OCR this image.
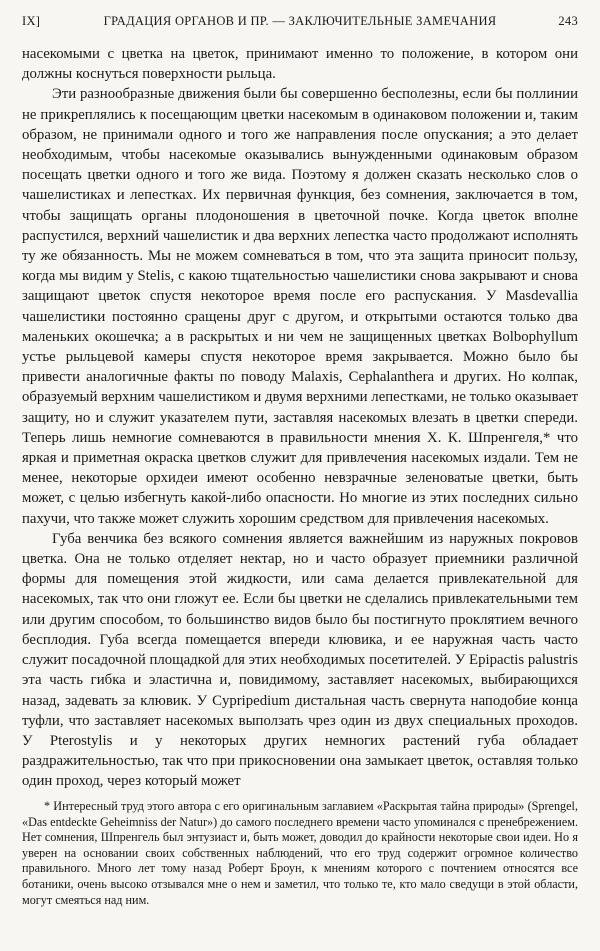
IX]	ГРАДАЦИЯ ОРГАНОВ И ПР. — ЗАКЛЮЧИТЕЛЬНЫЕ ЗАМЕЧАНИЯ	243

насекомыми с цветка на цветок, принимают именно то положение, в котором они должны коснуться поверхности рыльца.

Эти разнообразные движения были бы совершенно бесполезны, если бы поллинии не прикреплялись к посещающим цветки насекомым в одинаковом положении и, таким образом, не принимали одного и того же направления после опускания; а это делает необходимым, чтобы насекомые оказывались вынужденными одинаковым образом посещать цветки одного и того же вида. Поэтому я должен сказать несколько слов о чашелистиках и лепестках. Их первичная функция, без сомнения, заключается в том, чтобы защищать органы плодоношения в цветочной почке. Когда цветок вполне распустился, верхний чашелистик и два верхних лепестка часто продолжают исполнять ту же обязанность. Мы не можем сомневаться в том, что эта защита приносит пользу, когда мы видим у Stelis, с какою тщательностью чашелистики снова закрывают и снова защищают цветок спустя некоторое время после его распускания. У Masdevallia чашелистики постоянно сращены друг с другом, и открытыми остаются только два маленьких окошечка; а в раскрытых и ни чем не защищенных цветках Bolbophyllum устье рыльцевой камеры спустя некоторое время закрывается. Можно было бы привести аналогичные факты по поводу Malaxis, Cephalanthera и других. Но колпак, образуемый верхним чашелистиком и двумя верхними лепестками, не только оказывает защиту, но и служит указателем пути, заставляя насекомых влезать в цветки спереди. Теперь лишь немногие сомневаются в правильности мнения Х. К. Шпренгеля,* что яркая и приметная окраска цветков служит для привлечения насекомых издали. Тем не менее, некоторые орхидеи имеют особенно невзрачные зеленоватые цветки, быть может, с целью избегнуть какой-либо опасности. Но многие из этих последних сильно пахучи, что также может служить хорошим средством для привлечения насекомых.

Губа венчика без всякого сомнения является важнейшим из наружных покровов цветка. Она не только отделяет нектар, но и часто образует приемники различной формы для помещения этой жидкости, или сама делается привлекательной для насекомых, так что они гложут ее. Если бы цветки не сделались привлекательными тем или другим способом, то большинство видов было бы постигнуто проклятием вечного бесплодия. Губа всегда помещается впереди клювика, и ее наружная часть часто служит посадочной площадкой для этих необходимых посетителей. У Epipactis palustris эта часть гибка и эластична и, повидимому, заставляет насекомых, выбирающихся назад, задевать за клювик. У Cypripedium дистальная часть свернута наподобие конца туфли, что заставляет насекомых выползать чрез один из двух специальных проходов. У Pterostylis и у некоторых других немногих растений губа обладает раздражительностью, так что при прикосновении она замыкает цветок, оставляя только один проход, через который может

* Интересный труд этого автора с его оригинальным заглавием «Раскрытая тайна природы» (Sprengel, «Das entdeckte Geheimniss der Natur») до самого последнего времени часто упоминался с пренебрежением. Нет сомнения, Шпренгель был энтузиаст и, быть может, доводил до крайности некоторые свои идеи. Но я уверен на основании своих собственных наблюдений, что его труд содержит огромное количество правильного. Много лет тому назад Роберт Броун, к мнениям которого с почтением относятся все ботаники, очень высоко отзывался мне о нем и заметил, что только те, кто мало сведущи в этой области, могут смеяться над ним.
